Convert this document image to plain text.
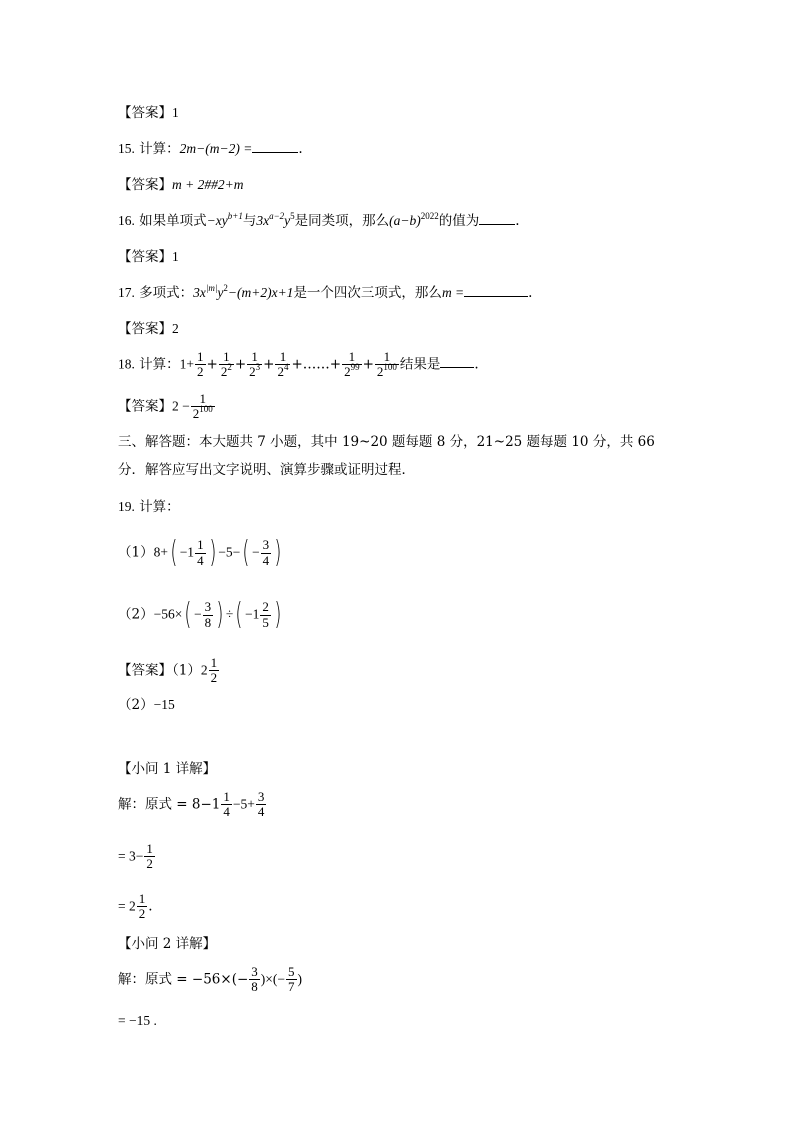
【答案】1
15. 计算：2m−(m−2) =	.
【答案】m + 2##2+m
16. 如果单项式$-xy^{b+1}$与$3x^{a-2}y^5$是同类项，那么$(a-b)^{2022}$的值为	.
【答案】1
17. 多项式：$3x^{|m|}y^2-(m+2)x+1$是一个四次三项式，那么m =	.
【答案】2
18. 计算：$1+ \frac{1}{2} + \frac{1}{2^2} + \frac{1}{2^3} + \frac{1}{2^4}$ +……+ $\frac{1}{2^{99}} + \frac{1}{2^{100}}$ 结果是	.
【答案】$2 - \frac{1}{2^{100}}$
三、解答题：本大题共 7 小题，其中 19~20 题每题 8 分，21~25 题每题 10 分，共 66 分．解答应写出文字说明、演算步骤或证明过程．
19. 计算：
$(1)8+( -1 \frac{1}{4}$ ) $-5-( - \frac{3}{4}$ )
$(2)-56\times( - \frac{3}{8}$ ) ÷( $-1 \frac{2}{5}$ )
【答案】$(1)2 \frac{1}{2}$
（2）−15
【小问 1 详解】
解：原式 = $8-1 \frac{1}{4} -5+ \frac{3}{4}$
= $3- \frac{1}{2}$
= $2 \frac{1}{2}$ .
【小问 2 详解】
解：原式 = $-56\times(- \frac{3}{8}$ )×(− $\frac{5}{7}$ )
= −15 .
